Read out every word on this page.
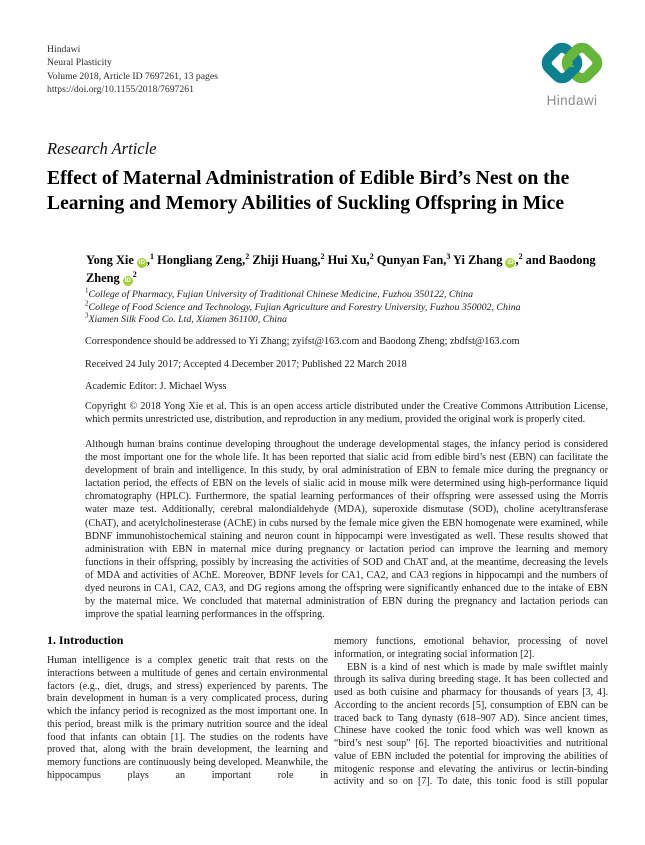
Hindawi
Neural Plasticity
Volume 2018, Article ID 7697261, 13 pages
https://doi.org/10.1155/2018/7697261
Hindawi
Research Article
Effect of Maternal Administration of Edible Bird’s Nest on the Learning and Memory Abilities of Suckling Offspring in Mice

Yong Xie iD ,$^1$ Hongliang Zeng,$^2$ Zhiji Huang,$^2$ Hui Xu,$^2$ Qunyan Fan,$^3$ Yi Zhang iD ,$^2$ and Baodong Zheng $iD^2$

$^1$College of Pharmacy, Fujian University of Traditional Chinese Medicine, Fuzhou 350122, China
$^2$College of Food Science and Technology, Fujian Agriculture and Forestry University, Fuzhou 350002, China
$^3$Xiamen Silk Food Co. Ltd, Xiamen 361100, China
Correspondence should be addressed to Yi Zhang; zyifst@163.com and Baodong Zheng; zbdfst@163.com
Received 24 July 2017; Accepted 4 December 2017; Published 22 March 2018
Academic Editor: J. Michael Wyss
Copyright © 2018 Yong Xie et al. This is an open access article distributed under the Creative Commons Attribution License, which permits unrestricted use, distribution, and reproduction in any medium, provided the original work is properly cited.
Although human brains continue developing throughout the underage developmental stages, the infancy period is considered the most important one for the whole life. It has been reported that sialic acid from edible bird’s nest (EBN) can facilitate the development of brain and intelligence. In this study, by oral administration of EBN to female mice during the pregnancy or lactation period, the effects of EBN on the levels of sialic acid in mouse milk were determined using high-performance liquid chromatography (HPLC). Furthermore, the spatial learning performances of their offspring were assessed using the Morris water maze test. Additionally, cerebral malondialdehyde (MDA), superoxide dismutase (SOD), choline acetyltransferase (ChAT), and acetylcholinesterase (AChE) in cubs nursed by the female mice given the EBN homogenate were examined, while BDNF immunohistochemical staining and neuron count in hippocampi were investigated as well. These results showed that administration with EBN in maternal mice during pregnancy or lactation period can improve the learning and memory functions in their offspring, possibly by increasing the activities of SOD and ChAT and, at the meantime, decreasing the levels of MDA and activities of AChE. Moreover, BDNF levels for CA1, CA2, and CA3 regions in hippocampi and the numbers of dyed neurons in CA1, CA2, CA3, and DG regions among the offspring were significantly enhanced due to the intake of EBN by the maternal mice. We concluded that maternal administration of EBN during the pregnancy and lactation periods can improve the spatial learning performances in the offspring.
1. Introduction

Human intelligence is a complex genetic trait that rests on the interactions between a multitude of genes and certain environmental factors (e.g., diet, drugs, and stress) experienced by parents. The brain development in human is a very complicated process, during which the infancy period is recognized as the most important one. In this period, breast milk is the primary nutrition source and the ideal food that infants can obtain [1]. The studies on the rodents have proved that, along with the brain development, the learning and memory functions are continuously being developed. Meanwhile, the hippocampus plays an important role in

memory functions, emotional behavior, processing of novel information, or integrating social information [2].

EBN is a kind of nest which is made by male swiftlet mainly through its saliva during breeding stage. It has been collected and used as both cuisine and pharmacy for thousands of years [3, 4]. According to the ancient records [5], consumption of EBN can be traced back to Tang dynasty (618–907 AD). Since ancient times, Chinese have cooked the tonic food which was well known as “bird’s nest soup” [6]. The reported bioactivities and nutritional value of EBN included the potential for improving the abilities of mitogenic response and elevating the antivirus or lectin-binding activity and so on [7]. To date, this tonic food is still popular
